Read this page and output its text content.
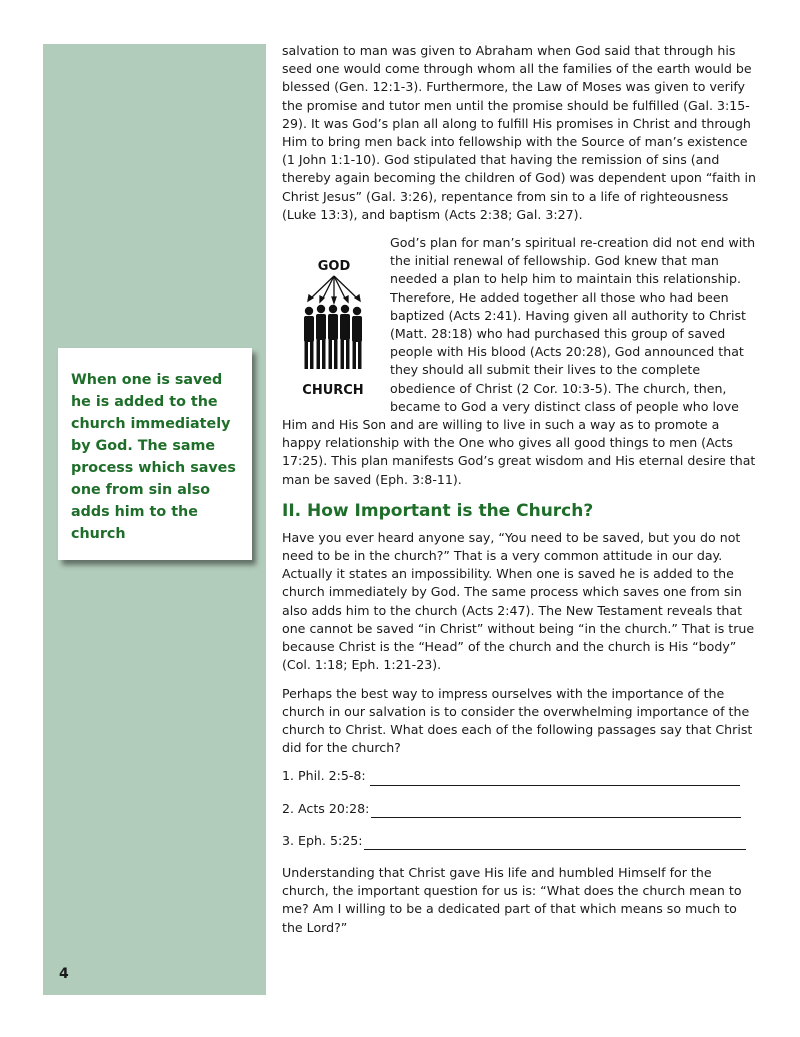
When one is saved he is added to the church immediately by God. The same process which saves one from sin also adds him to the church

4

salvation to man was given to Abraham when God said that through his seed one would come through whom all the families of the earth would be blessed (Gen. 12:1-3). Furthermore, the Law of Moses was given to verify the promise and tutor men until the promise should be fulfilled (Gal. 3:15-29). It was God’s plan all along to fulfill His promises in Christ and through Him to bring men back into fellowship with the Source of man’s existence (1 John 1:1-10). God stipulated that having the remission of sins (and thereby again becoming the children of God) was dependent upon “faith in Christ Jesus” (Gal. 3:26), repentance from sin to a life of righteousness (Luke 13:3), and baptism (Acts 2:38; Gal. 3:27).

GOD
CHURCH
God’s plan for man’s spiritual re-creation did not end with the initial renewal of fellowship. God knew that man needed a plan to help him to maintain this relationship. Therefore, He added together all those who had been baptized (Acts 2:41). Having given all authority to Christ (Matt. 28:18) who had purchased this group of saved people with His blood (Acts 20:28), God announced that they should all submit their lives to the complete obedience of Christ (2 Cor. 10:3-5). The church, then, became to God a very distinct class of people who love Him and His Son and are willing to live in such a way as to promote a happy relationship with the One who gives all good things to men (Acts 17:25). This plan manifests God’s great wisdom and His eternal desire that man be saved (Eph. 3:8-11).

II. How Important is the Church?

Have you ever heard anyone say, “You need to be saved, but you do not need to be in the church?” That is a very common attitude in our day. Actually it states an impossibility. When one is saved he is added to the church immediately by God. The same process which saves one from sin also adds him to the church (Acts 2:47). The New Testament reveals that one cannot be saved “in Christ” without being “in the church.” That is true because Christ is the “Head” of the church and the church is His “body” (Col. 1:18; Eph. 1:21-23).

Perhaps the best way to impress ourselves with the importance of the church in our salvation is to consider the overwhelming importance of the church to Christ. What does each of the following passages say that Christ did for the church?

1. Phil. 2:5-8:
2. Acts 20:28:
3. Eph. 5:25:

Understanding that Christ gave His life and humbled Himself for the church, the important question for us is: “What does the church mean to me? Am I willing to be a dedicated part of that which means so much to the Lord?”
